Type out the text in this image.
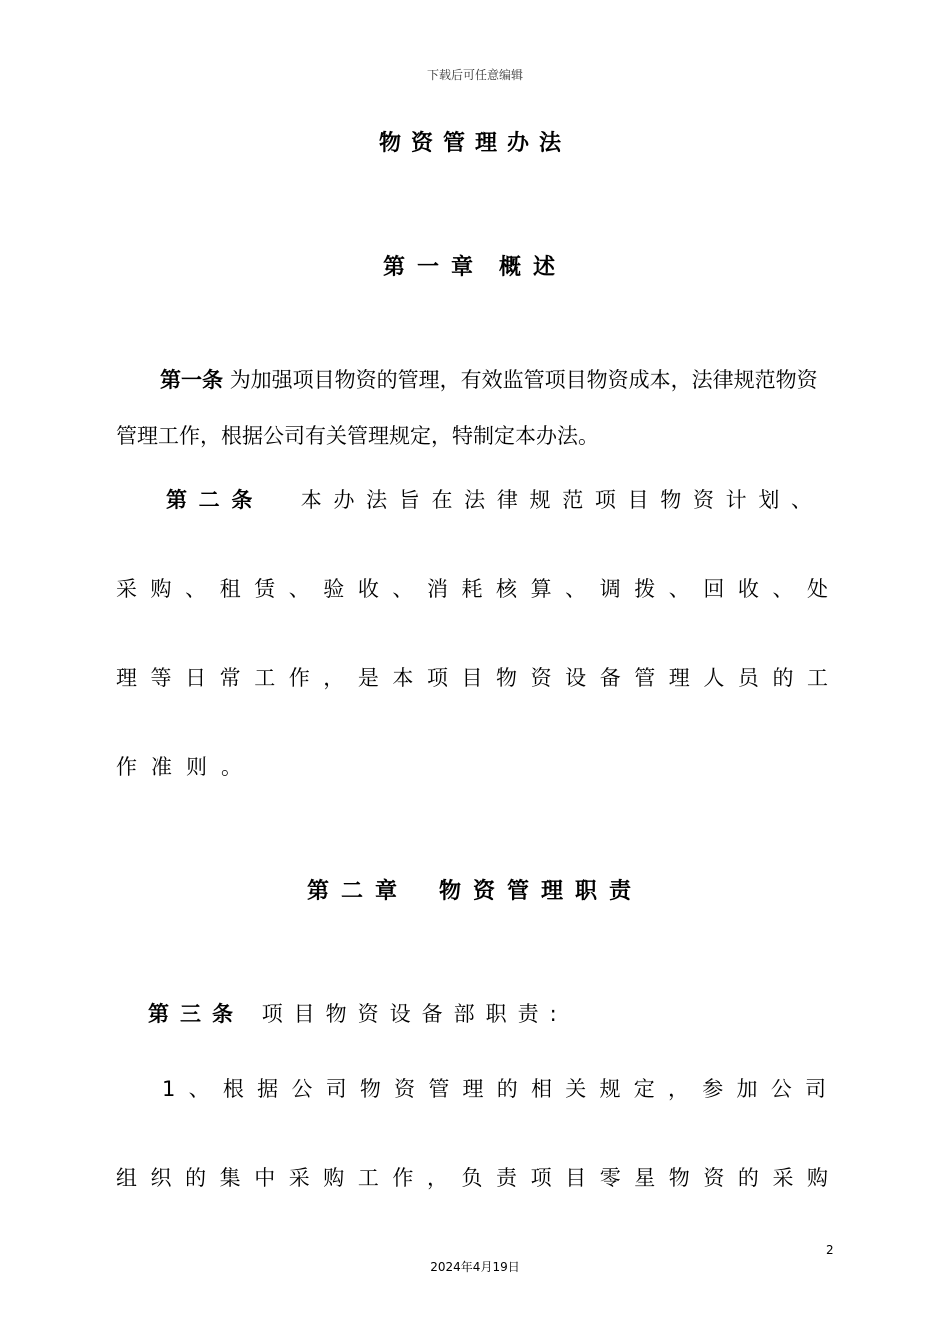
下载后可任意编辑
物资管理办法
第一章 概述
第一条 为加强项目物资的管理，有效监管项目物资成本，法律规范物资管理工作，根据公司有关管理规定，特制定本办法。
第二条 本办法旨在法律规范项目物资计划、
采购、租赁、验收、消耗核算、调拨、回收、处
理等日常工作，是本项目物资设备管理人员的工
作准则。
第二章 物资管理职责
第三条 项目物资设备部职责:
1、根据公司物资管理的相关规定，参加公司
组织的集中采购工作，负责项目零星物资的采购
2
2024年4月19日
